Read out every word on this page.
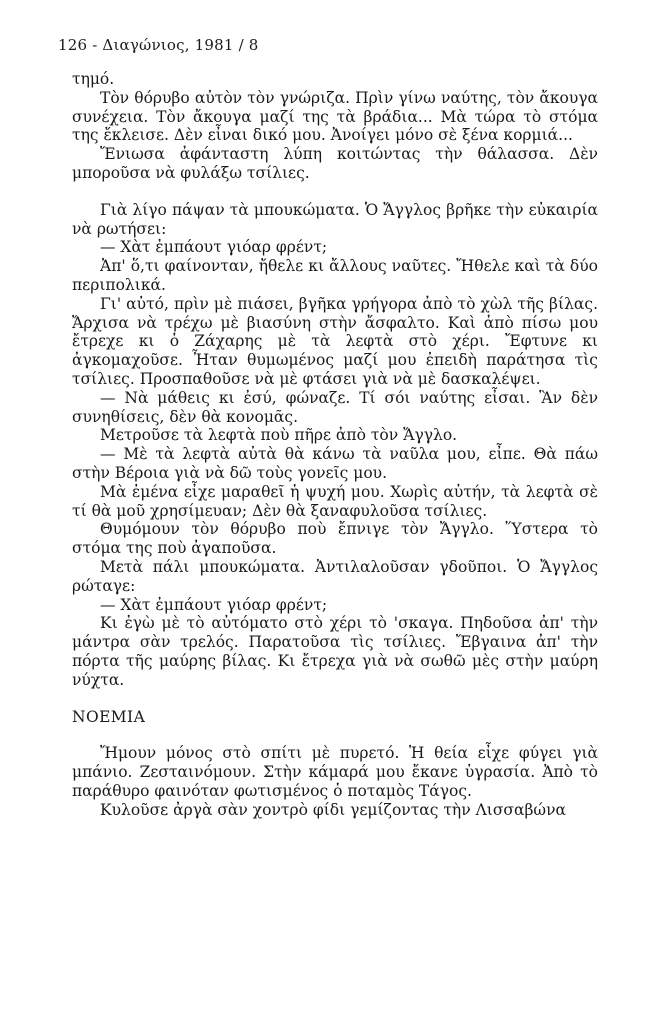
126 - Διαγώνιος, 1981 / 8

τημό.

Τὸν θόρυβο αὐτὸν τὸν γνώριζα. Πρὶν γίνω ναύτης, τὸν ἄκουγα συνέχεια. Τὸν ἄκουγα μαζί της τὰ βράδια... Μὰ τώρα τὸ στόμα της ἔκλεισε. Δὲν εἶναι δικό μου. Ἀνοίγει μόνο σὲ ξένα κορμιά...

Ἔνιωσα ἀφάνταστη λύπη κοιτώντας τὴν θάλασσα. Δὲν μποροῦσα νὰ φυλάξω τσίλιες.

Γιὰ λίγο πάψαν τὰ μπουκώματα. Ὁ Ἄγγλος βρῆκε τὴν εὐκαιρία νὰ ρωτήσει:

— Χὰτ ἐμπάουτ γιόαρ φρέντ;

Ἀπ' ὅ,τι φαίνονταν, ἤθελε κι ἄλλους ναῦτες. Ἤθελε καὶ τὰ δύο περιπολικά.

Γι' αὐτό, πρὶν μὲ πιάσει, βγῆκα γρήγορα ἀπὸ τὸ χὼλ τῆς βίλας. Ἄρχισα νὰ τρέχω μὲ βιασύνη στὴν ἄσφαλτο. Καὶ ἀπὸ πίσω μου ἔτρεχε κι ὁ Ζάχαρης μὲ τὰ λεφτὰ στὸ χέρι. Ἔφτυνε κι ἀγκομαχοῦσε. Ἦταν θυμωμένος μαζί μου ἐπειδὴ παράτησα τὶς τσίλιες. Προσπαθοῦσε νὰ μὲ φτάσει γιὰ νὰ μὲ δασκαλέψει.

— Νὰ μάθεις κι ἐσύ, φώναζε. Τί σόι ναύτης εἶσαι. Ἂν δὲν συνηθίσεις, δὲν θὰ κονομᾶς.

Μετροῦσε τὰ λεφτὰ ποὺ πῆρε ἀπὸ τὸν Ἄγγλο.

— Μὲ τὰ λεφτὰ αὐτὰ θὰ κάνω τὰ ναῦλα μου, εἶπε. Θὰ πάω στὴν Βέροια γιὰ νὰ δῶ τοὺς γονεῖς μου.

Μὰ ἐμένα εἶχε μαραθεῖ ἡ ψυχή μου. Χωρὶς αὐτήν, τὰ λεφτὰ σὲ τί θὰ μοῦ χρησίμευαν; Δὲν θὰ ξαναφυλοῦσα τσίλιες.

Θυμόμουν τὸν θόρυβο ποὺ ἔπνιγε τὸν Ἄγγλο. Ὕστερα τὸ στόμα της ποὺ ἀγαποῦσα.

Μετὰ πάλι μπουκώματα. Ἀντιλαλοῦσαν γδοῦποι. Ὁ Ἄγγλος ρώταγε:

— Χὰτ ἐμπάουτ γιόαρ φρέντ;

Κι ἐγὼ μὲ τὸ αὐτόματο στὸ χέρι τὸ 'σκαγα. Πηδοῦσα ἀπ' τὴν μάντρα σὰν τρελός. Παρατοῦσα τὶς τσίλιες. Ἔβγαινα ἀπ' τὴν πόρτα τῆς μαύρης βίλας. Κι ἔτρεχα γιὰ νὰ σωθῶ μὲς στὴν μαύρη νύχτα.

ΝΟΕΜΙΑ

Ἤμουν μόνος στὸ σπίτι μὲ πυρετό. Ἡ θεία εἶχε φύγει γιὰ μπάνιο. Ζεσταινόμουν. Στὴν κάμαρά μου ἔκανε ὑγρασία. Ἀπὸ τὸ παράθυρο φαινόταν φωτισμένος ὁ ποταμὸς Τάγος.

Κυλοῦσε ἀργὰ σὰν χοντρὸ φίδι γεμίζοντας τὴν Λισσαβώνα
